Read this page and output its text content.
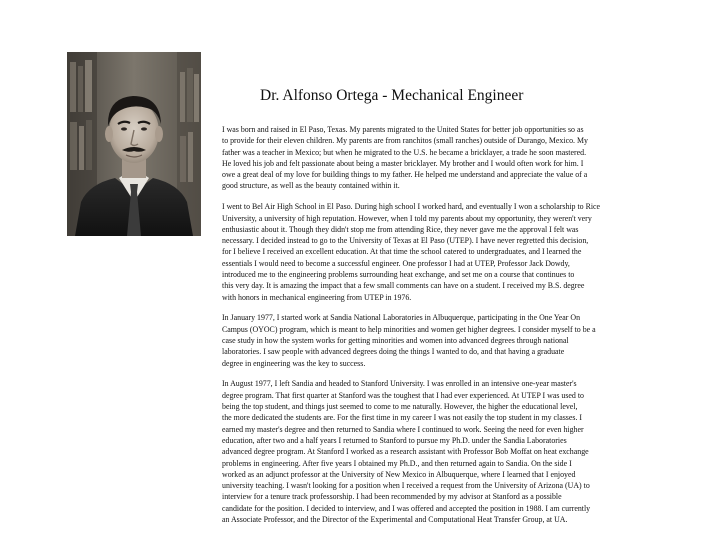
Dr. Alfonso Ortega - Mechanical Engineer

I was born and raised in El Paso, Texas. My parents migrated to the United States for better job opportunities so as
to provide for their eleven children. My parents are from ranchitos (small ranches) outside of Durango, Mexico. My
father was a teacher in Mexico; but when he migrated to the U.S. he became a bricklayer, a trade he soon mastered.
He loved his job and felt passionate about being a master bricklayer. My brother and I would often work for him. I
owe a great deal of my love for building things to my father. He helped me understand and appreciate the value of a
good structure, as well as the beauty contained within it.

I went to Bel Air High School in El Paso. During high school I worked hard, and eventually I won a scholarship to Rice
University, a university of high reputation. However, when I told my parents about my opportunity, they weren't very
enthusiastic about it. Though they didn't stop me from attending Rice, they never gave me the approval I felt was
necessary. I decided instead to go to the University of Texas at El Paso (UTEP). I have never regretted this decision,
for I believe I received an excellent education. At that time the school catered to undergraduates, and I learned the
essentials I would need to become a successful engineer. One professor I had at UTEP, Professor Jack Dowdy,
introduced me to the engineering problems surrounding heat exchange, and set me on a course that continues to
this very day. It is amazing the impact that a few small comments can have on a student. I received my B.S. degree
with honors in mechanical engineering from UTEP in 1976.

In January 1977, I started work at Sandia National Laboratories in Albuquerque, participating in the One Year On
Campus (OYOC) program, which is meant to help minorities and women get higher degrees. I consider myself to be a
case study in how the system works for getting minorities and women into advanced degrees through national
laboratories. I saw people with advanced degrees doing the things I wanted to do, and that having a graduate
degree in engineering was the key to success.

In August 1977, I left Sandia and headed to Stanford University. I was enrolled in an intensive one-year master's
degree program. That first quarter at Stanford was the toughest that I had ever experienced. At UTEP I was used to
being the top student, and things just seemed to come to me naturally. However, the higher the educational level,
the more dedicated the students are. For the first time in my career I was not easily the top student in my classes. I
earned my master's degree and then returned to Sandia where I continued to work. Seeing the need for even higher
education, after two and a half years I returned to Stanford to pursue my Ph.D. under the Sandia Laboratories
advanced degree program. At Stanford I worked as a research assistant with Professor Bob Moffat on heat exchange
problems in engineering. After five years I obtained my Ph.D., and then returned again to Sandia. On the side I
worked as an adjunct professor at the University of New Mexico in Albuquerque, where I learned that I enjoyed
university teaching. I wasn't looking for a position when I received a request from the University of Arizona (UA) to
interview for a tenure track professorship. I had been recommended by my advisor at Stanford as a possible
candidate for the position. I decided to interview, and I was offered and accepted the position in 1988. I am currently
an Associate Professor, and the Director of the Experimental and Computational Heat Transfer Group, at UA.
